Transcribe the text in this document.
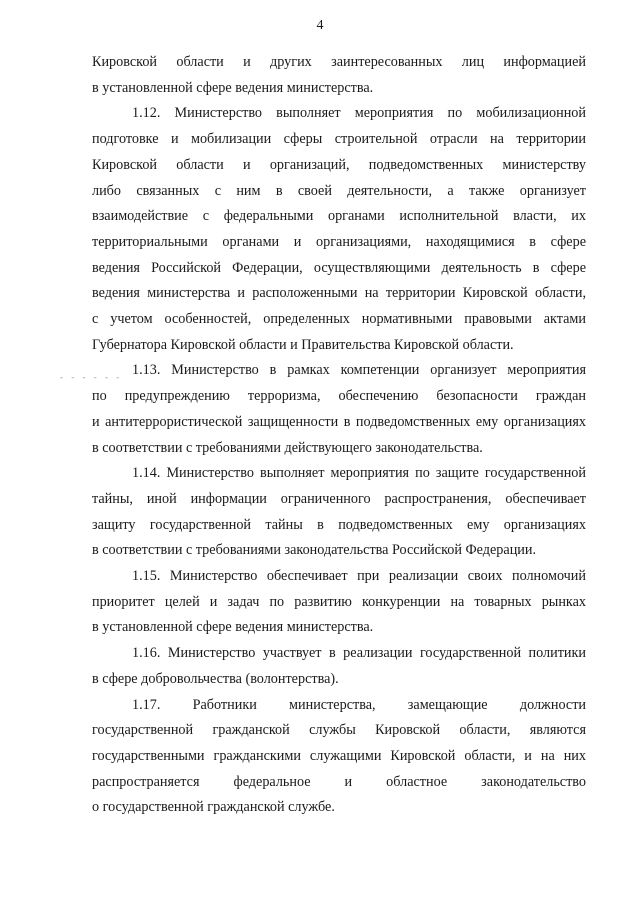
4
- - - - - -
Кировской области и других заинтересованных лиц информацией
в установленной сфере ведения министерства.
1.12. Министерство выполняет мероприятия по мобилизационной
подготовке и мобилизации сферы строительной отрасли на территории
Кировской области и организаций, подведомственных министерству
либо связанных с ним в своей деятельности, а также организует
взаимодействие с федеральными органами исполнительной власти, их
территориальными органами и организациями, находящимися в сфере
ведения Российской Федерации, осуществляющими деятельность в сфере
ведения министерства и расположенными на территории Кировской области,
с учетом особенностей, определенных нормативными правовыми актами
Губернатора Кировской области и Правительства Кировской области.
1.13. Министерство в рамках компетенции организует мероприятия
по предупреждению терроризма, обеспечению безопасности граждан
и антитеррористической защищенности в подведомственных ему организациях
в соответствии с требованиями действующего законодательства.
1.14. Министерство выполняет мероприятия по защите государственной
тайны, иной информации ограниченного распространения, обеспечивает
защиту государственной тайны в подведомственных ему организациях
в соответствии с требованиями законодательства Российской Федерации.
1.15. Министерство обеспечивает при реализации своих полномочий
приоритет целей и задач по развитию конкуренции на товарных рынках
в установленной сфере ведения министерства.
1.16. Министерство участвует в реализации государственной политики
в сфере добровольчества (волонтерства).
1.17. Работники министерства, замещающие должности
государственной гражданской службы Кировской области, являются
государственными гражданскими служащими Кировской области, и на них
распространяется федеральное и областное законодательство
о государственной гражданской службе.
